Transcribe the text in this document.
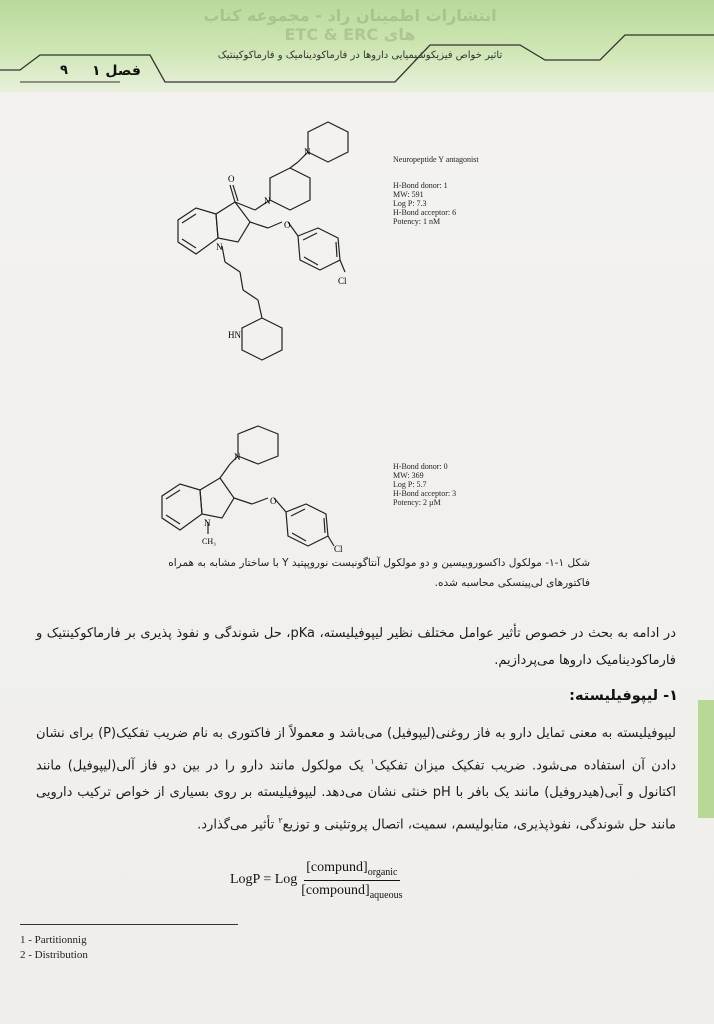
انتشارات اطمینان راد - مجموعه کتاب های ETC & ERC
تاثیر خواص فیزیکوشیمیایی داروها در فارماکودینامیک و فارماکوکینتیک
فصل ۱
۹
O
O
N
N
N
Cl
HN
Neuropeptide Y antagonist
H-Bond donor: 1
MW: 591
Log P: 7.3
H-Bond acceptor: 6
Potency: 1 nM
N
O
N
CH₃
Cl
H-Bond donor: 0
MW: 369
Log P: 5.7
H-Bond acceptor: 3
Potency: 2 µM
شکل ۱-۱- مولکول داکسوروبیسین و دو مولکول آنتاگونیست نوروپپتید Y با ساختار مشابه به همراه
فاکتورهای لی‌پینسکی محاسبه شده.
در ادامه به بحث در خصوص تأثیر عوامل مختلف نظیر لیپوفیلیسته، pKa، حل شوندگی و نفوذ پذیری بر فارماکوکینتیک و فارماکودینامیک داروها می‌پردازیم.
۱- لیپوفیلیسته:
لیپوفیلیسته به معنی تمایل دارو به فاز روغنی(لیپوفیل) می‌باشد و معمولاً از فاکتوری به نام ضریب تفکیک(P) برای نشان دادن آن استفاده می‌شود. ضریب تفکیک میزان تفکیک$^۱$ یک مولکول مانند دارو را در بین دو فاز آلی(لیپوفیل) مانند اکتانول و آبی(هیدروفیل) مانند یک بافر با pH خنثی نشان می‌دهد. لیپوفیلیسته بر روی بسیاری از خواص ترکیب دارویی مانند حل شوندگی، نفوذپذیری، متابولیسم، سمیت، اتصال پروتئینی و توزیع$^۲$ تأثیر می‌گذارد.
LogP = Log $\frac{[compund]_{organic}}{[compound]_{aqueous}}$
1 - Partitionnig
2 - Distribution
